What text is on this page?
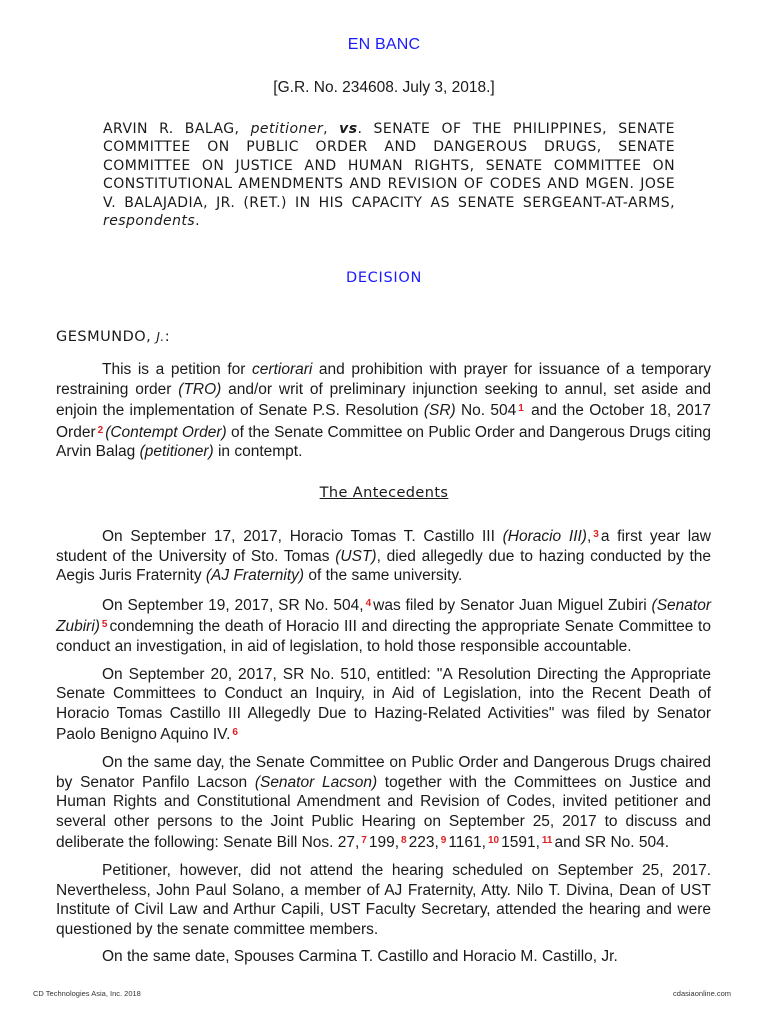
EN BANC
[G.R. No. 234608. July 3, 2018.]
ARVIN R. BALAG, petitioner, vs. SENATE OF THE PHILIPPINES, SENATE COMMITTEE ON PUBLIC ORDER AND DANGEROUS DRUGS, SENATE COMMITTEE ON JUSTICE AND HUMAN RIGHTS, SENATE COMMITTEE ON CONSTITUTIONAL AMENDMENTS AND REVISION OF CODES AND MGEN. JOSE V. BALAJADIA, JR. (RET.) IN HIS CAPACITY AS SENATE SERGEANT-AT-ARMS, respondents.
DECISION
GESMUNDO, J.:

This is a petition for certiorari and prohibition with prayer for issuance of a temporary restraining order (TRO) and/or writ of preliminary injunction seeking to annul, set aside and enjoin the implementation of Senate P.S. Resolution (SR) No. 504 $^1$ and the October 18, 2017 Order $^2$ (Contempt Order) of the Senate Committee on Public Order and Dangerous Drugs citing Arvin Balag (petitioner) in contempt.

The Antecedents

On September 17, 2017, Horacio Tomas T. Castillo III (Horacio III), $^3$ a first year law student of the University of Sto. Tomas (UST), died allegedly due to hazing conducted by the Aegis Juris Fraternity (AJ Fraternity) of the same university.

On September 19, 2017, SR No. 504, $^4$ was filed by Senator Juan Miguel Zubiri (Senator Zubiri) $^5$ condemning the death of Horacio III and directing the appropriate Senate Committee to conduct an investigation, in aid of legislation, to hold those responsible accountable.

On September 20, 2017, SR No. 510, entitled: "A Resolution Directing the Appropriate Senate Committees to Conduct an Inquiry, in Aid of Legislation, into the Recent Death of Horacio Tomas Castillo III Allegedly Due to Hazing-Related Activities" was filed by Senator Paolo Benigno Aquino IV. $^6$

On the same day, the Senate Committee on Public Order and Dangerous Drugs chaired by Senator Panfilo Lacson (Senator Lacson) together with the Committees on Justice and Human Rights and Constitutional Amendment and Revision of Codes, invited petitioner and several other persons to the Joint Public Hearing on September 25, 2017 to discuss and deliberate the following: Senate Bill Nos. 27, $^7$ 199, $^8$ 223, $^9$ 1161, $^{10}$ 1591, $^{11}$ and SR No. 504.

Petitioner, however, did not attend the hearing scheduled on September 25, 2017. Nevertheless, John Paul Solano, a member of AJ Fraternity, Atty. Nilo T. Divina, Dean of UST Institute of Civil Law and Arthur Capili, UST Faculty Secretary, attended the hearing and were questioned by the senate committee members.

On the same date, Spouses Carmina T. Castillo and Horacio M. Castillo, Jr.

CD Technologies Asia, Inc. 2018	cdasiaonline.com
